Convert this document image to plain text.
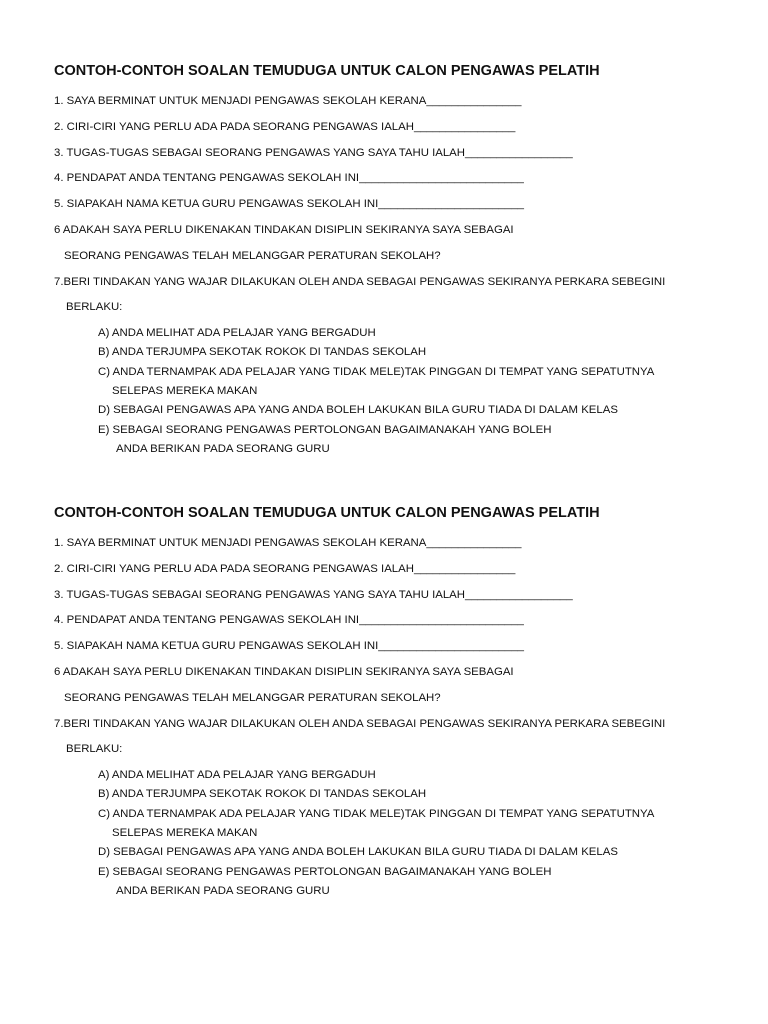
CONTOH-CONTOH SOALAN TEMUDUGA UNTUK CALON PENGAWAS PELATIH
1. SAYA BERMINAT UNTUK MENJADI PENGAWAS SEKOLAH KERANA_______________
2. CIRI-CIRI YANG PERLU ADA PADA SEORANG PENGAWAS IALAH________________
3. TUGAS-TUGAS SEBAGAI SEORANG PENGAWAS YANG SAYA TAHU IALAH_________________
4. PENDAPAT ANDA TENTANG PENGAWAS SEKOLAH INI__________________________
5. SIAPAKAH NAMA KETUA GURU PENGAWAS SEKOLAH INI_______________________
6 ADAKAH SAYA PERLU DIKENAKAN TINDAKAN DISIPLIN SEKIRANYA SAYA SEBAGAI
SEORANG PENGAWAS TELAH MELANGGAR PERATURAN SEKOLAH?
7.BERI TINDAKAN YANG WAJAR DILAKUKAN OLEH ANDA SEBAGAI PENGAWAS SEKIRANYA PERKARA SEBEGINI
BERLAKU:
A) ANDA MELIHAT ADA PELAJAR YANG BERGADUH
B) ANDA TERJUMPA SEKOTAK ROKOK DI TANDAS SEKOLAH
C) ANDA TERNAMPAK ADA PELAJAR YANG TIDAK MELE)TAK PINGGAN DI TEMPAT YANG SEPATUTNYA
SELEPAS MEREKA MAKAN
D) SEBAGAI PENGAWAS APA YANG ANDA BOLEH LAKUKAN BILA GURU TIADA DI DALAM KELAS
E) SEBAGAI SEORANG PENGAWAS PERTOLONGAN BAGAIMANAKAH YANG BOLEH
ANDA BERIKAN PADA SEORANG GURU
CONTOH-CONTOH SOALAN TEMUDUGA UNTUK CALON PENGAWAS PELATIH
1. SAYA BERMINAT UNTUK MENJADI PENGAWAS SEKOLAH KERANA_______________
2. CIRI-CIRI YANG PERLU ADA PADA SEORANG PENGAWAS IALAH________________
3. TUGAS-TUGAS SEBAGAI SEORANG PENGAWAS YANG SAYA TAHU IALAH_________________
4. PENDAPAT ANDA TENTANG PENGAWAS SEKOLAH INI__________________________
5. SIAPAKAH NAMA KETUA GURU PENGAWAS SEKOLAH INI_______________________
6 ADAKAH SAYA PERLU DIKENAKAN TINDAKAN DISIPLIN SEKIRANYA SAYA SEBAGAI
SEORANG PENGAWAS TELAH MELANGGAR PERATURAN SEKOLAH?
7.BERI TINDAKAN YANG WAJAR DILAKUKAN OLEH ANDA SEBAGAI PENGAWAS SEKIRANYA PERKARA SEBEGINI
BERLAKU:
A) ANDA MELIHAT ADA PELAJAR YANG BERGADUH
B) ANDA TERJUMPA SEKOTAK ROKOK DI TANDAS SEKOLAH
C) ANDA TERNAMPAK ADA PELAJAR YANG TIDAK MELE)TAK PINGGAN DI TEMPAT YANG SEPATUTNYA
SELEPAS MEREKA MAKAN
D) SEBAGAI PENGAWAS APA YANG ANDA BOLEH LAKUKAN BILA GURU TIADA DI DALAM KELAS
E) SEBAGAI SEORANG PENGAWAS PERTOLONGAN BAGAIMANAKAH YANG BOLEH
ANDA BERIKAN PADA SEORANG GURU
